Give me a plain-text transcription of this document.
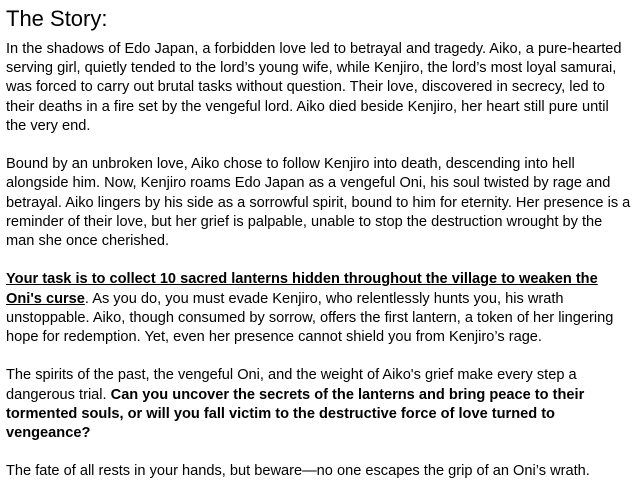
The Story:

In the shadows of Edo Japan, a forbidden love led to betrayal and tragedy. Aiko, a pure-hearted serving girl, quietly tended to the lord’s young wife, while Kenjiro, the lord’s most loyal samurai, was forced to carry out brutal tasks without question. Their love, discovered in secrecy, led to their deaths in a fire set by the vengeful lord. Aiko died beside Kenjiro, her heart still pure until the very end.

Bound by an unbroken love, Aiko chose to follow Kenjiro into death, descending into hell alongside him. Now, Kenjiro roams Edo Japan as a vengeful Oni, his soul twisted by rage and betrayal. Aiko lingers by his side as a sorrowful spirit, bound to him for eternity. Her presence is a reminder of their love, but her grief is palpable, unable to stop the destruction wrought by the man she once cherished.

Your task is to collect 10 sacred lanterns hidden throughout the village to weaken the Oni's curse. As you do, you must evade Kenjiro, who relentlessly hunts you, his wrath unstoppable. Aiko, though consumed by sorrow, offers the first lantern, a token of her lingering hope for redemption. Yet, even her presence cannot shield you from Kenjiro’s rage.

The spirits of the past, the vengeful Oni, and the weight of Aiko's grief make every step a dangerous trial. Can you uncover the secrets of the lanterns and bring peace to their tormented souls, or will you fall victim to the destructive force of love turned to vengeance?

The fate of all rests in your hands, but beware—no one escapes the grip of an Oni’s wrath.
